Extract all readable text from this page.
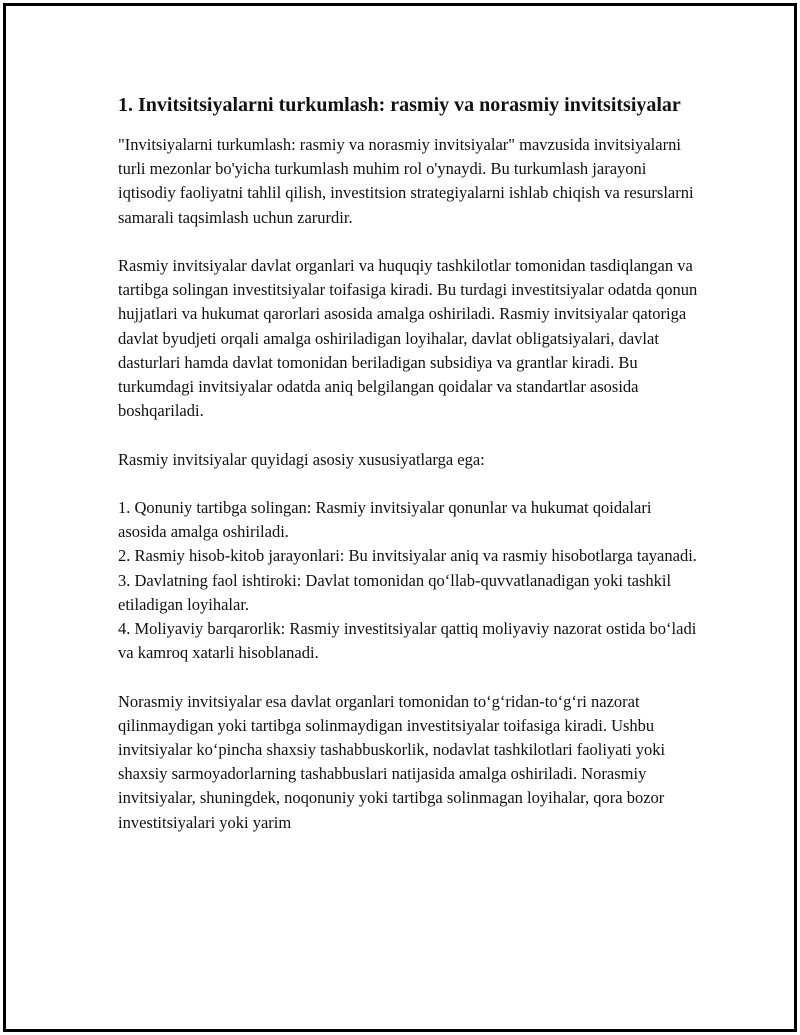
1. Invitsitsiyalarni turkumlash: rasmiy va norasmiy invitsitsiyalar

"Invitsiyalarni turkumlash: rasmiy va norasmiy invitsiyalar" mavzusida invitsiyalarni turli mezonlar bo'yicha turkumlash muhim rol o'ynaydi. Bu turkumlash jarayoni iqtisodiy faoliyatni tahlil qilish, investitsion strategiyalarni ishlab chiqish va resurslarni samarali taqsimlash uchun zarurdir.

Rasmiy invitsiyalar davlat organlari va huquqiy tashkilotlar tomonidan tasdiqlangan va tartibga solingan investitsiyalar toifasiga kiradi. Bu turdagi investitsiyalar odatda qonun hujjatlari va hukumat qarorlari asosida amalga oshiriladi. Rasmiy invitsiyalar qatoriga davlat byudjeti orqali amalga oshiriladigan loyihalar, davlat obligatsiyalari, davlat dasturlari hamda davlat tomonidan beriladigan subsidiya va grantlar kiradi. Bu turkumdagi invitsiyalar odatda aniq belgilangan qoidalar va standartlar asosida boshqariladi.

Rasmiy invitsiyalar quyidagi asosiy xususiyatlarga ega:

1. Qonuniy tartibga solingan: Rasmiy invitsiyalar qonunlar va hukumat qoidalari asosida amalga oshiriladi.

2. Rasmiy hisob-kitob jarayonlari: Bu invitsiyalar aniq va rasmiy hisobotlarga tayanadi.

3. Davlatning faol ishtiroki: Davlat tomonidan qo‘llab-quvvatlanadigan yoki tashkil etiladigan loyihalar.

4. Moliyaviy barqarorlik: Rasmiy investitsiyalar qattiq moliyaviy nazorat ostida bo‘ladi va kamroq xatarli hisoblanadi.

Norasmiy invitsiyalar esa davlat organlari tomonidan to‘g‘ridan-to‘g‘ri nazorat qilinmaydigan yoki tartibga solinmaydigan investitsiyalar toifasiga kiradi. Ushbu invitsiyalar ko‘pincha shaxsiy tashabbuskorlik, nodavlat tashkilotlari faoliyati yoki shaxsiy sarmoyadorlarning tashabbuslari natijasida amalga oshiriladi. Norasmiy invitsiyalar, shuningdek, noqonuniy yoki tartibga solinmagan loyihalar, qora bozor investitsiyalari yoki yarim
